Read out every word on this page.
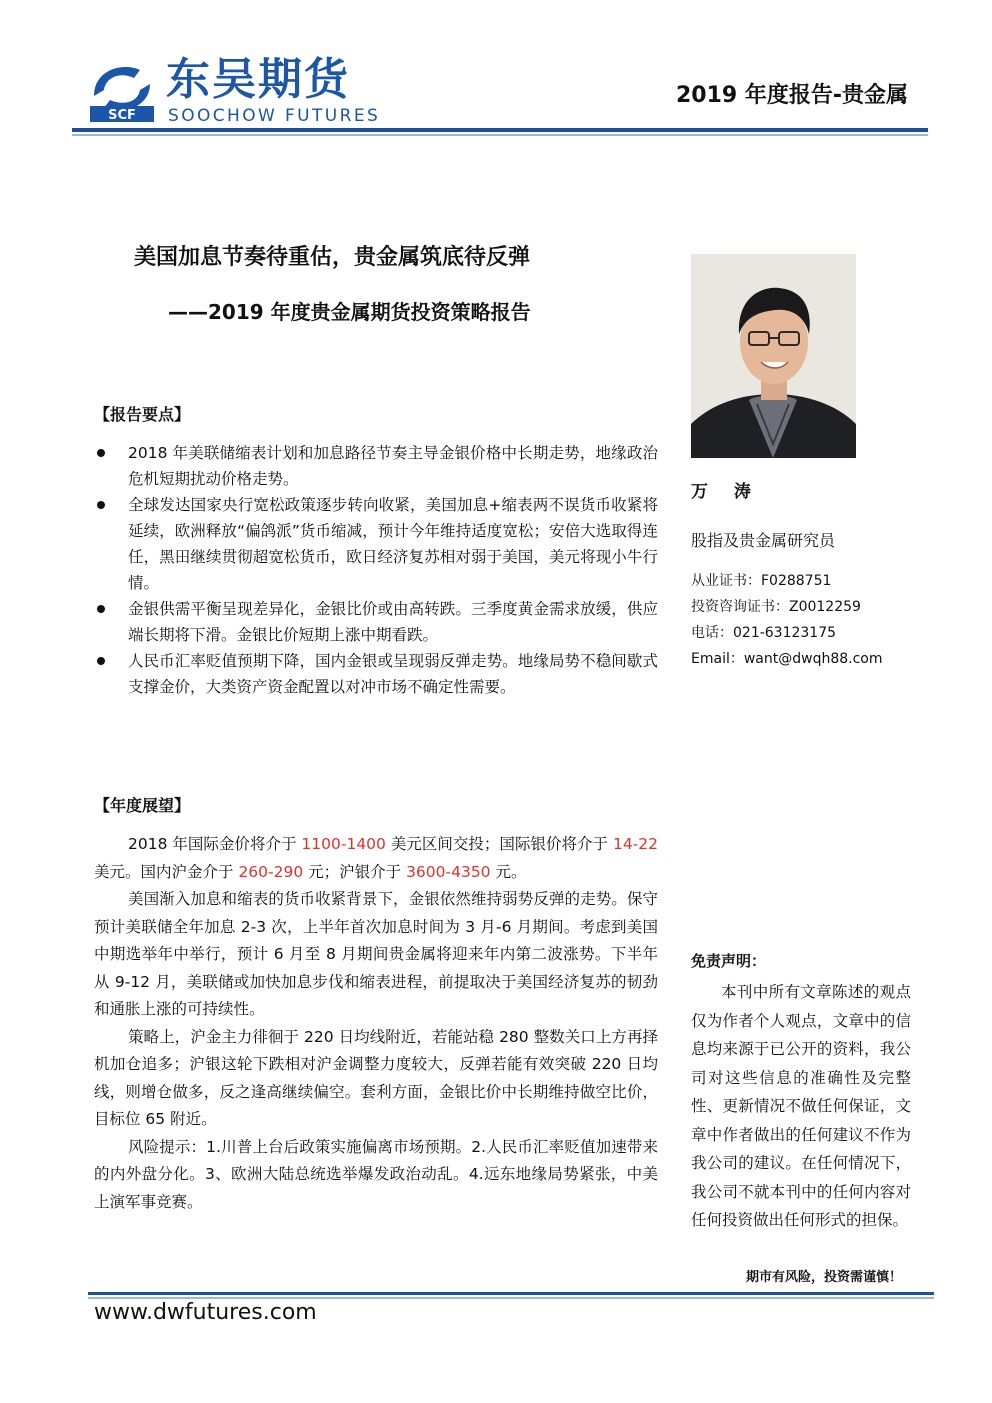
SCF
东吴期货
SOOCHOW FUTURES
2019 年度报告-贵金属
美国加息节奏待重估，贵金属筑底待反弹
——2019 年度贵金属期货投资策略报告
万 涛
股指及贵金属研究员
从业证书：F0288751
投资咨询证书：Z0012259
电话：021-63123175
Email：want@dwqh88.com
【报告要点】
2018 年美联储缩表计划和加息路径节奏主导金银价格中长期走势，地缘政治危机短期扰动价格走势。
全球发达国家央行宽松政策逐步转向收紧，美国加息+缩表两不误货币收紧将延续，欧洲释放“偏鸽派”货币缩减，预计今年维持适度宽松；安倍大选取得连任，黑田继续贯彻超宽松货币，欧日经济复苏相对弱于美国，美元将现小牛行情。
金银供需平衡呈现差异化，金银比价或由高转跌。三季度黄金需求放缓，供应端长期将下滑。金银比价短期上涨中期看跌。
人民币汇率贬值预期下降，国内金银或呈现弱反弹走势。地缘局势不稳间歇式支撑金价，大类资产资金配置以对冲市场不确定性需要。
【年度展望】

2018 年国际金价将介于 1100-1400 美元区间交投；国际银价将介于 14-22 美元。国内沪金介于 260-290 元；沪银介于 3600-4350 元。

美国渐入加息和缩表的货币收紧背景下，金银依然维持弱势反弹的走势。保守预计美联储全年加息 2-3 次，上半年首次加息时间为 3 月-6 月期间。考虑到美国中期选举年中举行，预计 6 月至 8 月期间贵金属将迎来年内第二波涨势。下半年从 9-12 月，美联储或加快加息步伐和缩表进程，前提取决于美国经济复苏的韧劲和通胀上涨的可持续性。

策略上，沪金主力徘徊于 220 日均线附近，若能站稳 280 整数关口上方再择机加仓追多；沪银这轮下跌相对沪金调整力度较大，反弹若能有效突破 220 日均线，则增仓做多，反之逢高继续偏空。套利方面，金银比价中长期维持做空比价，目标位 65 附近。

风险提示：1.川普上台后政策实施偏离市场预期。2.人民币汇率贬值加速带来的内外盘分化。3、欧洲大陆总统选举爆发政治动乱。4.远东地缘局势紧张，中美上演军事竞赛。

免责声明：
本刊中所有文章陈述的观点仅为作者个人观点，文章中的信息均来源于已公开的资料，我公司对这些信息的准确性及完整性、更新情况不做任何保证，文章中作者做出的任何建议不作为我公司的建议。在任何情况下，我公司不就本刊中的任何内容对任何投资做出任何形式的担保。
期市有风险，投资需谨慎！
www.dwfutures.com
